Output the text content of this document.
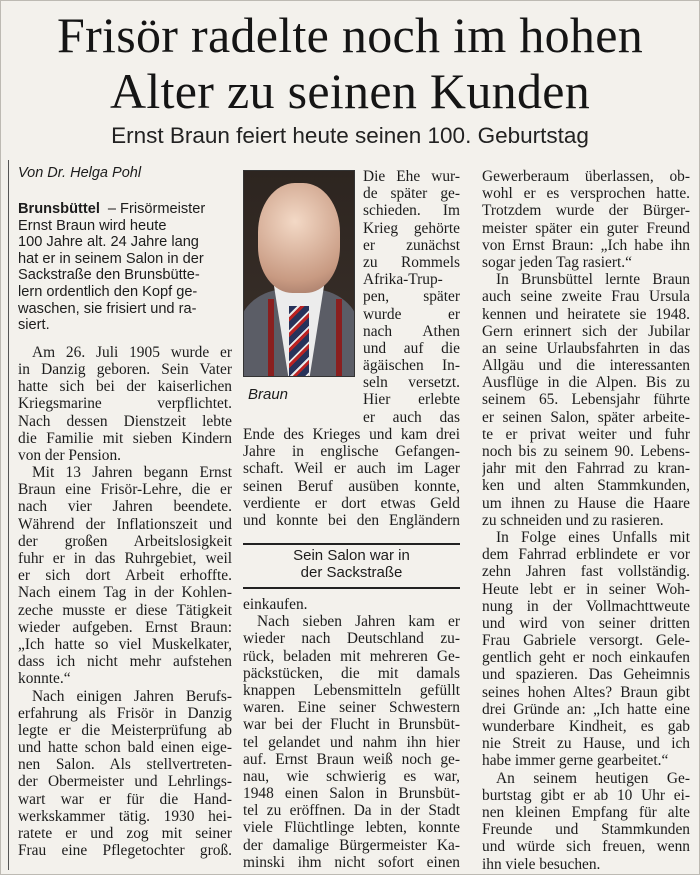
Frisör radelte noch im hohen
Alter zu seinen Kunden
Ernst Braun feiert heute seinen 100. Geburtstag
Von Dr. Helga Pohl
Brunsbüttel – Frisörmeister
Ernst Braun wird heute
100 Jahre alt. 24 Jahre lang
hat er in seinem Salon in der
Sackstraße den Brunsbütte-
lern ordentlich den Kopf ge-
waschen, sie frisiert und ra-
siert.
Am 26. Juli 1905 wurde er
in Danzig geboren. Sein Vater
hatte sich bei der kaiserlichen
Kriegsmarine verpflichtet.
Nach dessen Dienstzeit lebte
die Familie mit sieben Kindern
von der Pension.
Mit 13 Jahren begann Ernst
Braun eine Frisör-Lehre, die er
nach vier Jahren beendete.
Während der Inflationszeit und
der großen Arbeitslosigkeit
fuhr er in das Ruhrgebiet, weil
er sich dort Arbeit erhoffte.
Nach einem Tag in der Kohlen-
zeche musste er diese Tätigkeit
wieder aufgeben. Ernst Braun:
„Ich hatte so viel Muskelkater,
dass ich nicht mehr aufstehen
konnte.“
Nach einigen Jahren Berufs-
erfahrung als Frisör in Danzig
legte er die Meisterprüfung ab
und hatte schon bald einen eige-
nen Salon. Als stellvertreten-
der Obermeister und Lehrlings-
wart war er für die Hand-
werkskammer tätig. 1930 hei-
ratete er und zog mit seiner
Frau eine Pflegetochter groß.
Braun
Die Ehe wur-
de später ge-
schieden. Im
Krieg gehörte
er zunächst
zu Rommels
Afrika-Trup-
pen, später
wurde er
nach Athen
und auf die
ägäischen In-
seln versetzt.
Hier erlebte
er auch das
Ende des Krieges und kam drei
Jahre in englische Gefangen-
schaft. Weil er auch im Lager
seinen Beruf ausüben konnte,
verdiente er dort etwas Geld
und konnte bei den Engländern
Sein Salon war in
der Sackstraße
einkaufen.
Nach sieben Jahren kam er
wieder nach Deutschland zu-
rück, beladen mit mehreren Ge-
päckstücken, die mit damals
knappen Lebensmitteln gefüllt
waren. Eine seiner Schwestern
war bei der Flucht in Brunsbüt-
tel gelandet und nahm ihn hier
auf. Ernst Braun weiß noch ge-
nau, wie schwierig es war,
1948 einen Salon in Brunsbüt-
tel zu eröffnen. Da in der Stadt
viele Flüchtlinge lebten, konnte
der damalige Bürgermeister Ka-
minski ihm nicht sofort einen
Gewerberaum überlassen, ob-
wohl er es versprochen hatte.
Trotzdem wurde der Bürger-
meister später ein guter Freund
von Ernst Braun: „Ich habe ihn
sogar jeden Tag rasiert.“
In Brunsbüttel lernte Braun
auch seine zweite Frau Ursula
kennen und heiratete sie 1948.
Gern erinnert sich der Jubilar
an seine Urlaubsfahrten in das
Allgäu und die interessanten
Ausflüge in die Alpen. Bis zu
seinem 65. Lebensjahr führte
er seinen Salon, später arbeite-
te er privat weiter und fuhr
noch bis zu seinem 90. Lebens-
jahr mit den Fahrrad zu kran-
ken und alten Stammkunden,
um ihnen zu Hause die Haare
zu schneiden und zu rasieren.
In Folge eines Unfalls mit
dem Fahrrad erblindete er vor
zehn Jahren fast vollständig.
Heute lebt er in seiner Woh-
nung in der Vollmachttweute
und wird von seiner dritten
Frau Gabriele versorgt. Gele-
gentlich geht er noch einkaufen
und spazieren. Das Geheimnis
seines hohen Altes? Braun gibt
drei Gründe an: „Ich hatte eine
wunderbare Kindheit, es gab
nie Streit zu Hause, und ich
habe immer gerne gearbeitet.“
An seinem heutigen Ge-
burtstag gibt er ab 10 Uhr ei-
nen kleinen Empfang für alte
Freunde und Stammkunden
und würde sich freuen, wenn
ihn viele besuchen.
